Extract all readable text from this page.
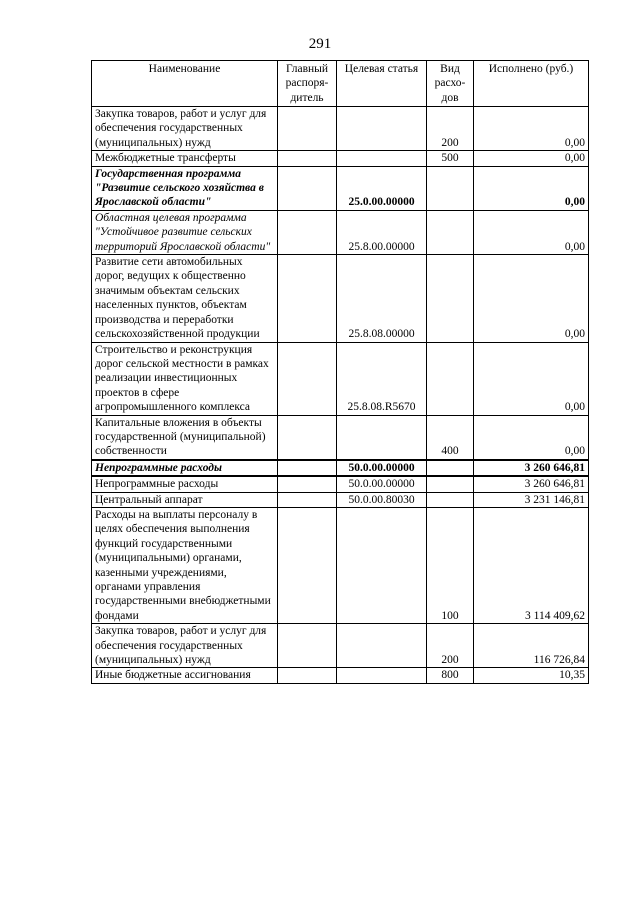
291
Наименование	Главный распоря-дитель	Целевая статья	Вид расхо-дов	Исполнено (руб.)
Закупка товаров, работ и услуг для обеспечения государственных (муниципальных) нужд			200	0,00
Межбюджетные трансферты			500	0,00
Государственная программа "Развитие сельского хозяйства в Ярославской области"		25.0.00.00000		0,00
Областная целевая программа "Устойчивое развитие сельских территорий Ярославской области"		25.8.00.00000		0,00
Развитие сети автомобильных дорог, ведущих к общественно значимым объектам сельских населенных пунктов, объектам производства и переработки сельскохозяйственной продукции		25.8.08.00000		0,00
Строительство и реконструкция дорог сельской местности в рамках реализации инвестиционных проектов в сфере агропромышленного комплекса		25.8.08.R5670		0,00
Капитальные вложения в объекты государственной (муниципальной) собственности			400	0,00
Непрограммные расходы		50.0.00.00000		3 260 646,81
Непрограммные расходы		50.0.00.00000		3 260 646,81
Центральный аппарат		50.0.00.80030		3 231 146,81
Расходы на выплаты персоналу в целях обеспечения выполнения функций государственными (муниципальными) органами, казенными учреждениями, органами управления государственными внебюджетными фондами			100	3 114 409,62
Закупка товаров, работ и услуг для обеспечения государственных (муниципальных) нужд			200	116 726,84
Иные бюджетные ассигнования			800	10,35
